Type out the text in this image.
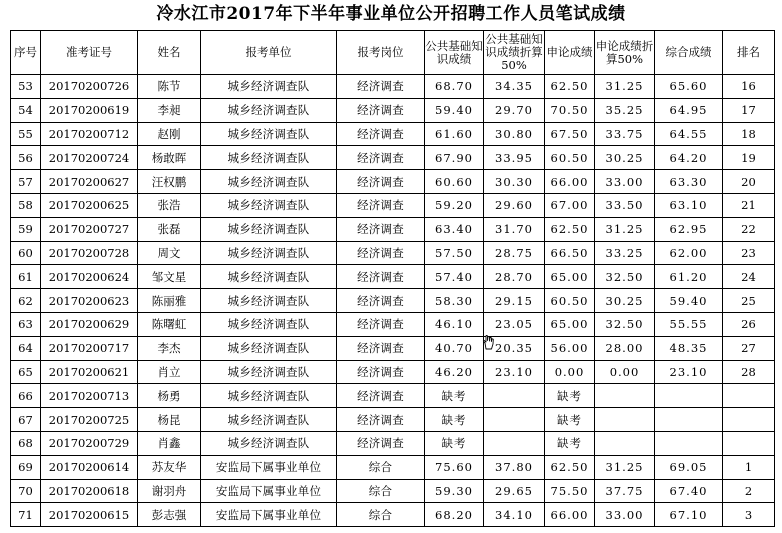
冷水江市2017年下半年事业单位公开招聘工作人员笔试成绩
序号	准考证号	姓名	报考单位	报考岗位	公共基础知识成绩	公共基础知识成绩折算50%	申论成绩	申论成绩折算50%	综合成绩	排名
53	20170200726	陈节	城乡经济调查队	经济调查	68.70	34.35	62.50	31.25	65.60	16
54	20170200619	李昶	城乡经济调查队	经济调查	59.40	29.70	70.50	35.25	64.95	17
55	20170200712	赵刚	城乡经济调查队	经济调查	61.60	30.80	67.50	33.75	64.55	18
56	20170200724	杨敢晖	城乡经济调查队	经济调查	67.90	33.95	60.50	30.25	64.20	19
57	20170200627	汪权鹏	城乡经济调查队	经济调查	60.60	30.30	66.00	33.00	63.30	20
58	20170200625	张浩	城乡经济调查队	经济调查	59.20	29.60	67.00	33.50	63.10	21
59	20170200727	张磊	城乡经济调查队	经济调查	63.40	31.70	62.50	31.25	62.95	22
60	20170200728	周文	城乡经济调查队	经济调查	57.50	28.75	66.50	33.25	62.00	23
61	20170200624	邹文星	城乡经济调查队	经济调查	57.40	28.70	65.00	32.50	61.20	24
62	20170200623	陈丽雅	城乡经济调查队	经济调查	58.30	29.15	60.50	30.25	59.40	25
63	20170200629	陈曙虹	城乡经济调查队	经济调查	46.10	23.05	65.00	32.50	55.55	26
64	20170200717	李杰	城乡经济调查队	经济调查	40.70	20.35	56.00	28.00	48.35	27
65	20170200621	肖立	城乡经济调查队	经济调查	46.20	23.10	0.00	0.00	23.10	28
66	20170200713	杨勇	城乡经济调查队	经济调查	缺考		缺考			
67	20170200725	杨昆	城乡经济调查队	经济调查	缺考		缺考			
68	20170200729	肖鑫	城乡经济调查队	经济调查	缺考		缺考			
69	20170200614	苏友华	安监局下属事业单位	综合	75.60	37.80	62.50	31.25	69.05	1
70	20170200618	谢羽舟	安监局下属事业单位	综合	59.30	29.65	75.50	37.75	67.40	2
71	20170200615	彭志强	安监局下属事业单位	综合	68.20	34.10	66.00	33.00	67.10	3
